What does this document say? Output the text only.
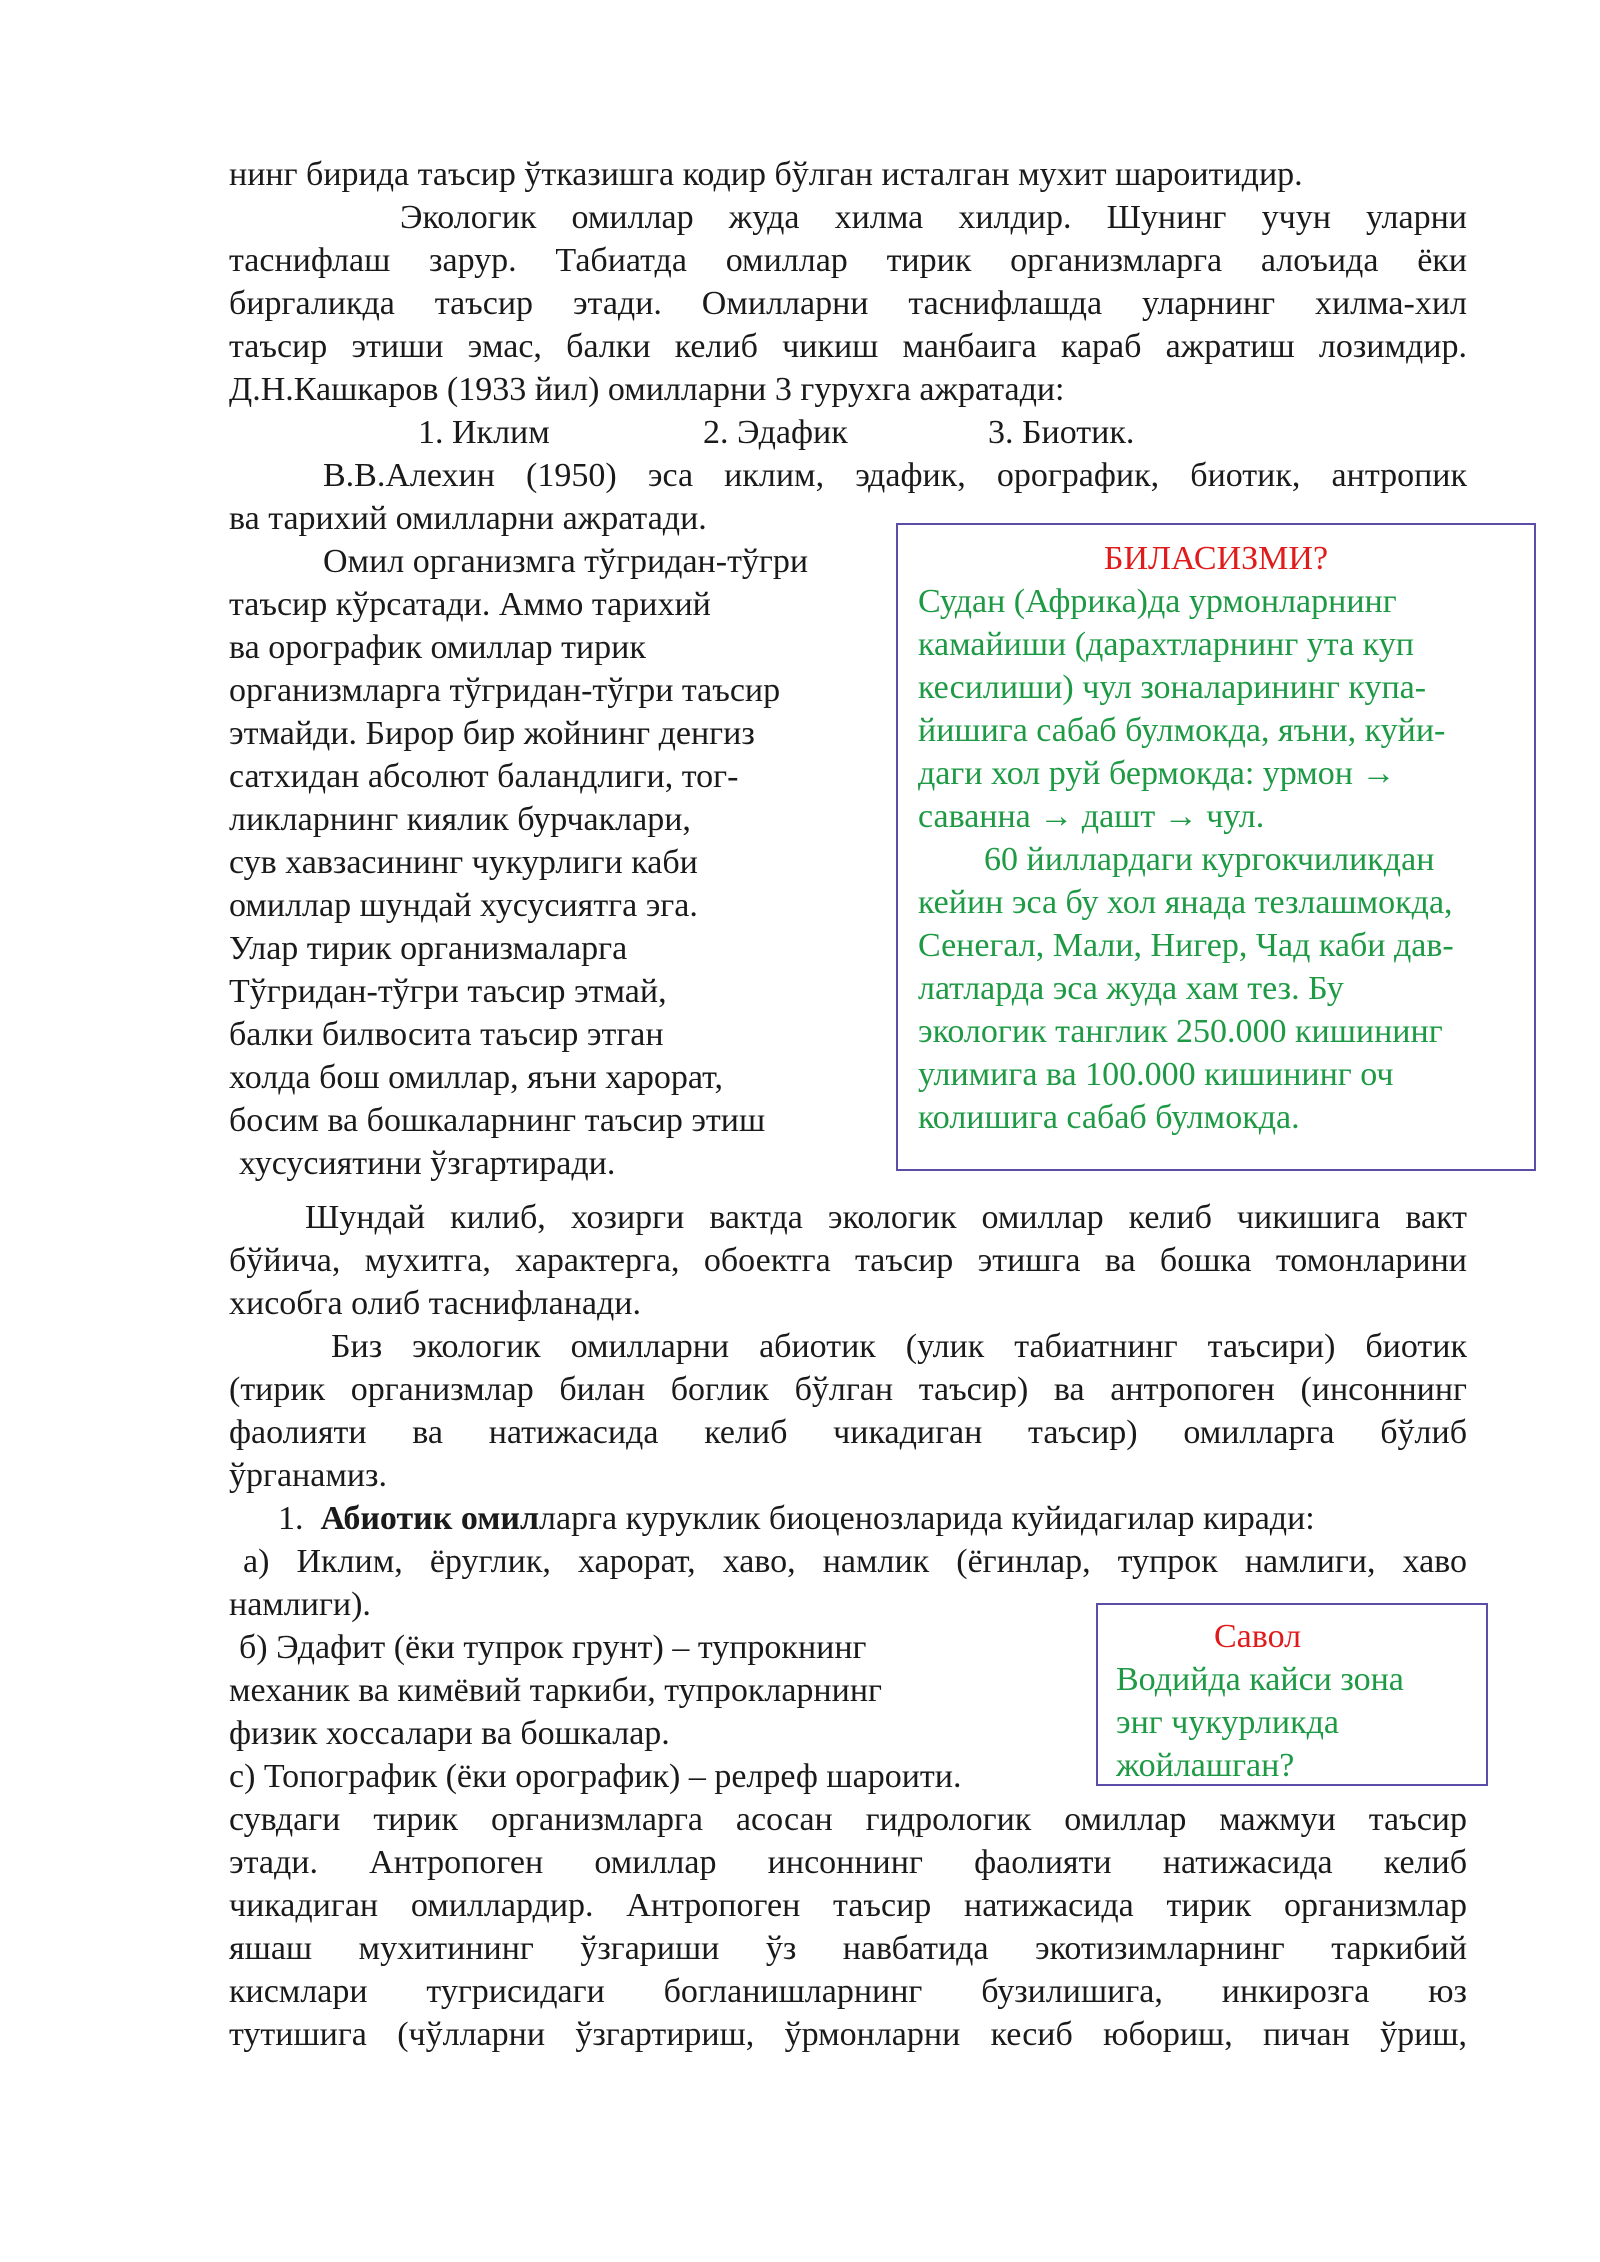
нинг бирида таъсир ўтказишга кодир бўлган исталган мухит шароитидир.
Экологик омиллар жуда хилма хилдир. Шунинг учун уларни
таснифлаш зарур. Табиатда омиллар тирик организмларга алоъида ёки
биргаликда таъсир этади. Омилларни таснифлашда уларнинг хилма-хил
таъсир этиши эмас, балки келиб чикиш манбаига караб ажратиш лозимдир.
Д.Н.Кашкаров (1933 йил) омилларни 3 гурухга ажратади:
1. Иклим	2. Эдафик	3. Биотик.
В.В.Алехин (1950) эса иклим, эдафик, орографик, биотик, антропик
ва тарихий омилларни ажратади.
Омил организмга тўгридан-тўгри
таъсир кўрсатади. Аммо тарихий
ва орографик омиллар тирик
организмларга тўгридан-тўгри таъсир
этмайди. Бирор бир жойнинг денгиз
сатхидан абсолют баландлиги, тог-
ликларнинг киялик бурчаклари,
сув хавзасининг чукурлиги каби
омиллар шундай хусусиятга эга.
Улар тирик организмаларга
Тўгридан-тўгри таъсир этмай,
балки билвосита таъсир этган
холда бош омиллар, яъни харорат,
босим ва бошкаларнинг таъсир этиш
хусусиятини ўзгартиради.
БИЛАСИЗМИ?
Судан (Африка)да урмонларнинг
камайиши (дарахтларнинг ута куп
кесилиши) чул зоналарининг купа-
йишига сабаб булмокда, яъни, куйи-
даги хол руй бермокда: урмон →
саванна → дашт → чул.
60 йиллардаги кургокчиликдан
кейин эса бу хол янада тезлашмокда,
Сенегал, Мали, Нигер, Чад каби дав-
латларда эса жуда хам тез. Бу
экологик танглик 250.000 кишининг
улимига ва 100.000 кишининг оч
колишига сабаб булмокда.
Шундай килиб, хозирги вактда экологик омиллар келиб чикишига вакт
бўйича, мухитга, характерга, обоектга таъсир этишга ва бошка томонларини
хисобга олиб таснифланади.
Биз экологик омилларни абиотик (улик табиатнинг таъсири) биотик
(тирик организмлар билан боглик бўлган таъсир) ва антропоген (инсоннинг
фаолияти ва натижасида келиб чикадиган таъсир) омилларга бўлиб
ўрганамиз.
1. Абиотик омилларга куруклик биоценозларида куйидагилар киради:
а) Иклим, ёруглик, харорат, хаво, намлик (ёгинлар, тупрок намлиги, хаво
намлиги).
б) Эдафит (ёки тупрок грунт) – тупрокнинг
механик ва кимёвий таркиби, тупрокларнинг
физик хоссалари ва бошкалар.
с) Топографик (ёки орографик) – релреф шароити.
Савол
Водийда кайси зона
энг чукурликда
жойлашган?
сувдаги тирик организмларга асосан гидрологик омиллар мажмуи таъсир
этади. Антропоген омиллар инсоннинг фаолияти натижасида келиб
чикадиган омиллардир. Антропоген таъсир натижасида тирик организмлар
яшаш мухитининг ўзгариши ўз навбатида экотизимларнинг таркибий
кисмлари тугрисидаги богланишларнинг бузилишига, инкирозга юз
тутишига (чўлларни ўзгартириш, ўрмонларни кесиб юбориш, пичан ўриш,
